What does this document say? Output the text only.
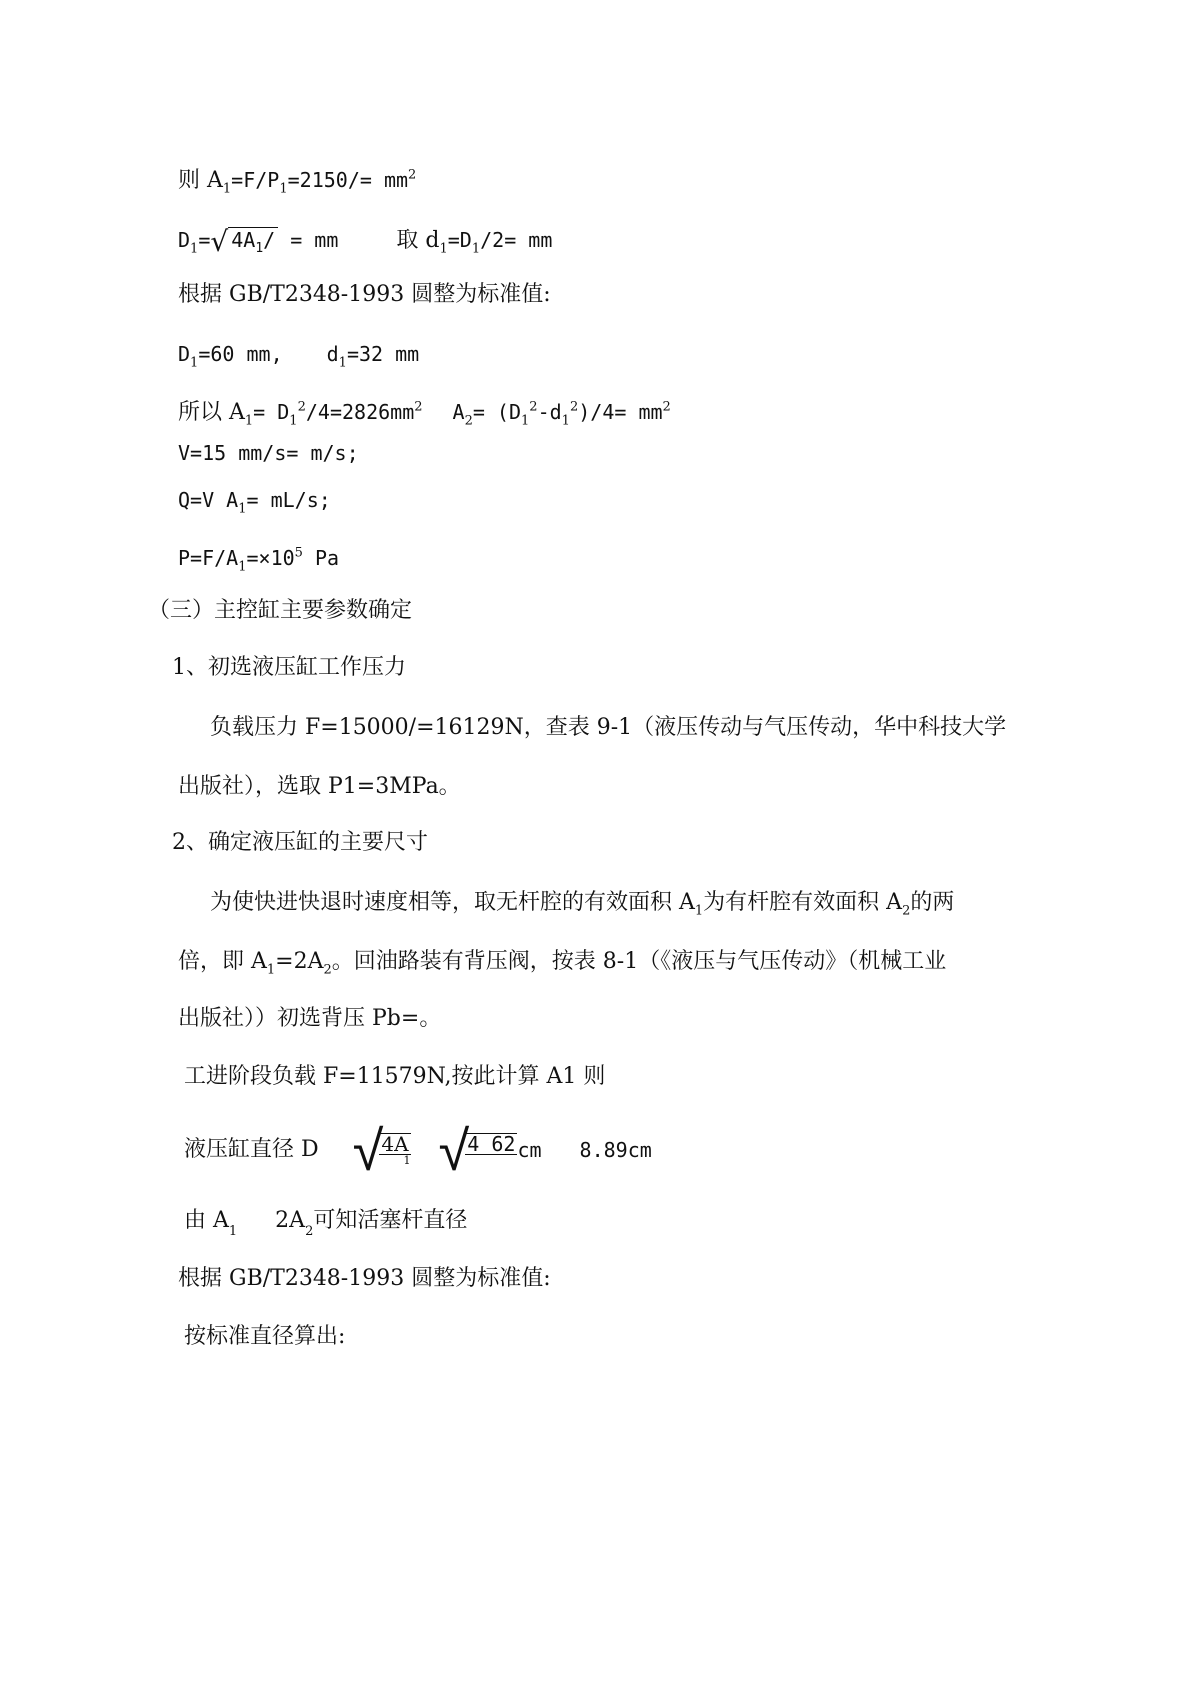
则 $A_1=F/P_1=2150/= mm^2$
$D_1=√$ $4A_1/$ = mm	取 $d_1=D_1/2=$ mm
根据 GB/T2348-1993 圆整为标准值:
$D_1=60$ mm, $d_1=32$ mm
所以 $A_1= D_1^2/4=2826mm^2$ $A_2= (D_1^2-d_1^2)/4= mm^2$
V=15 mm/s= m/s;
Q=V $A_1= mL/s$;
$P=F/A_1=\times 10^5$ Pa
（三）主控缸主要参数确定
1、初选液压缸工作压力
负载压力 F=15000/=16129N，查表 9-1（液压传动与气压传动，华中科技大学
出版社），选取 P1=3MPa。
2、确定液压缸的主要尺寸
为使快进快退时速度相等，取无杆腔的有效面积 $A_1$为有杆腔有效面积 $A_2$的两
倍，即 $A_1=2A_2$。回油路装有背压阀，按表 8-1（《液压与气压传动》（机械工业
出版社））初选背压 Pb=。
工进阶段负载 F=11579N,按此计算 A1 则
液压缸直径 D √
$\frac{4A}{1}$ √
4 62 cm 8.89cm
由 $A_1$ $2A_2$可知活塞杆直径
根据 GB/T2348-1993 圆整为标准值:
按标准直径算出:
